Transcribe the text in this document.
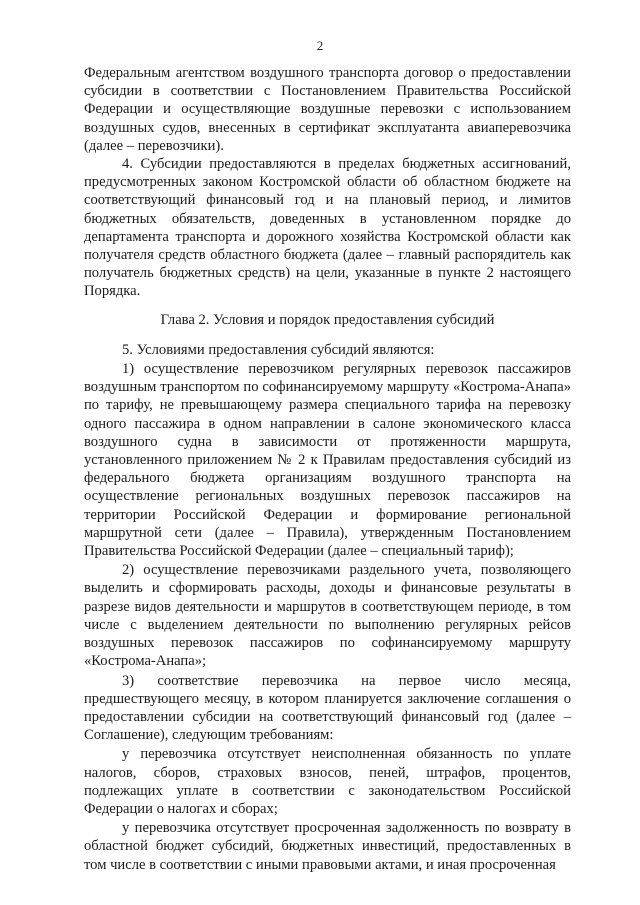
2

Федеральным агентством воздушного транспорта договор о предоставлении субсидии в соответствии с Постановлением Правительства Российской Федерации и осуществляющие воздушные перевозки с использованием воздушных судов, внесенных в сертификат эксплуатанта авиаперевозчика (далее – перевозчики).

4. Субсидии предоставляются в пределах бюджетных ассигнований, предусмотренных законом Костромской области об областном бюджете на соответствующий финансовый год и на плановый период, и лимитов бюджетных обязательств, доведенных в установленном порядке до департамента транспорта и дорожного хозяйства Костромской области как получателя средств областного бюджета (далее – главный распорядитель как получатель бюджетных средств) на цели, указанные в пункте 2 настоящего Порядка.

Глава 2. Условия и порядок предоставления субсидий

5. Условиями предоставления субсидий являются:

1) осуществление перевозчиком регулярных перевозок пассажиров воздушным транспортом по софинансируемому маршруту «Кострома-Анапа» по тарифу, не превышающему размера специального тарифа на перевозку одного пассажира в одном направлении в салоне экономического класса воздушного судна в зависимости от протяженности маршрута, установленного приложением № 2 к Правилам предоставления субсидий из федерального бюджета организациям воздушного транспорта на осуществление региональных воздушных перевозок пассажиров на территории Российской Федерации и формирование региональной маршрутной сети (далее – Правила), утвержденным Постановлением Правительства Российской Федерации (далее – специальный тариф);

2) осуществление перевозчиками раздельного учета, позволяющего выделить и сформировать расходы, доходы и финансовые результаты в разрезе видов деятельности и маршрутов в соответствующем периоде, в том числе с выделением деятельности по выполнению регулярных рейсов воздушных перевозок пассажиров по софинансируемому маршруту «Кострома-Анапа»;

3) соответствие перевозчика на первое число месяца, предшествующего месяцу, в котором планируется заключение соглашения о предоставлении субсидии на соответствующий финансовый год (далее – Соглашение), следующим требованиям:

у перевозчика отсутствует неисполненная обязанность по уплате налогов, сборов, страховых взносов, пеней, штрафов, процентов, подлежащих уплате в соответствии с законодательством Российской Федерации о налогах и сборах;

у перевозчика отсутствует просроченная задолженность по возврату в областной бюджет субсидий, бюджетных инвестиций, предоставленных в том числе в соответствии с иными правовыми актами, и иная просроченная
